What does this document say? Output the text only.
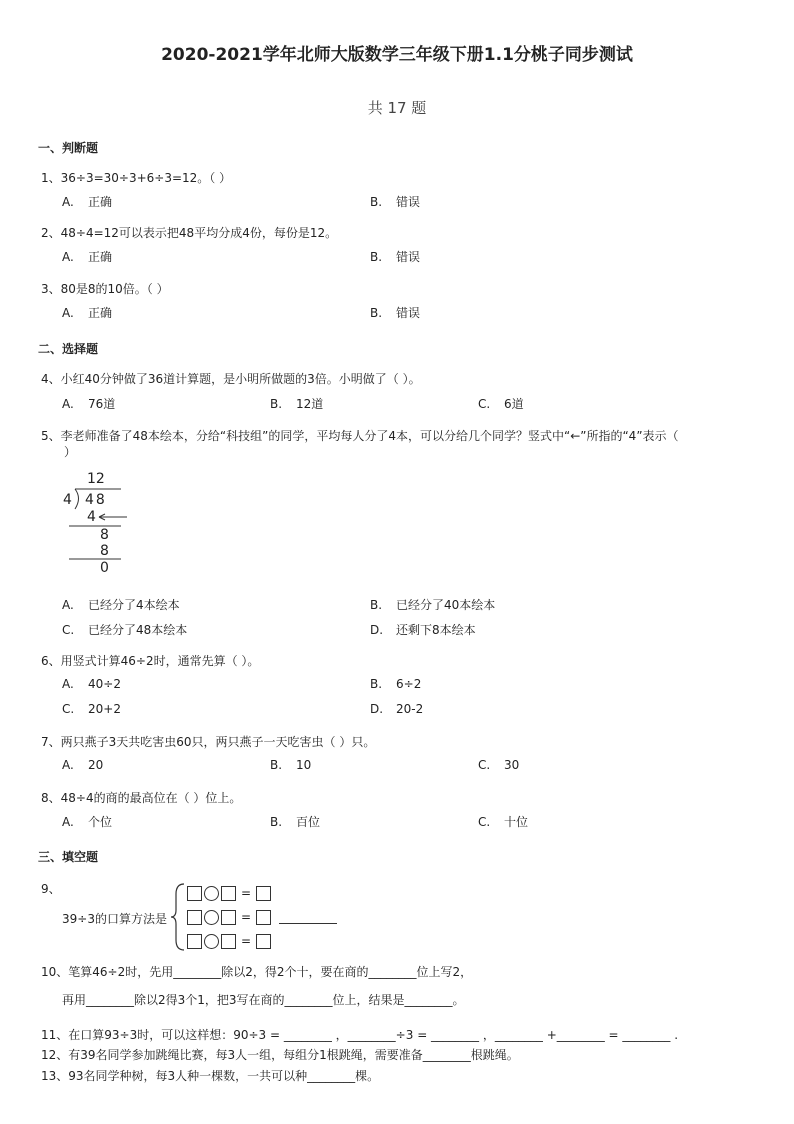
2020-2021学年北师大版数学三年级下册1.1分桃子同步测试
共 17 题
一、判断题
1、36÷3=30÷3+6÷3=12。（ ）
A. 正确	B. 错误
2、48÷4=12可以表示把48平均分成4份，每份是12。
A. 正确	B. 错误
3、80是8的10倍。（ ）
A. 正确	B. 错误
二、选择题
4、小红40分钟做了36道计算题，是小明所做题的3倍。小明做了（ ）。
A. 76道	B. 12道	C. 6道
5、李老师准备了48本绘本，分给“科技组”的同学，平均每人分了4本，可以分给几个同学？竖式中“←”所指的“4”表示（
）
12
4 48
4
8
8
0
A. 已经分了4本绘本	B. 已经分了40本绘本
C. 已经分了48本绘本	D. 还剩下8本绘本
6、用竖式计算46÷2时，通常先算（ ）。
A. 40÷2	B. 6÷2
C. 20+2	D. 20-2
7、两只燕子3天共吃害虫60只，两只燕子一天吃害虫（ ）只。
A. 20	B. 10	C. 30
8、48÷4的商的最高位在（ ）位上。
A. 个位	B. 百位	C. 十位
三、填空题
9、
39÷3的口算方法是
=
=
=
10、笔算46÷2时，先用________除以2，得2个十，要在商的________位上写2，
再用________除以2得3个1，把3写在商的________位上，结果是________。
11、在口算93÷3时，可以这样想：90÷3 = ________ ，________÷3 = ________ ，________ +________ = ________ .
12、有39名同学参加跳绳比赛，每3人一组，每组分1根跳绳，需要准备________根跳绳。
13、93名同学种树，每3人种一棵数，一共可以种________棵。
